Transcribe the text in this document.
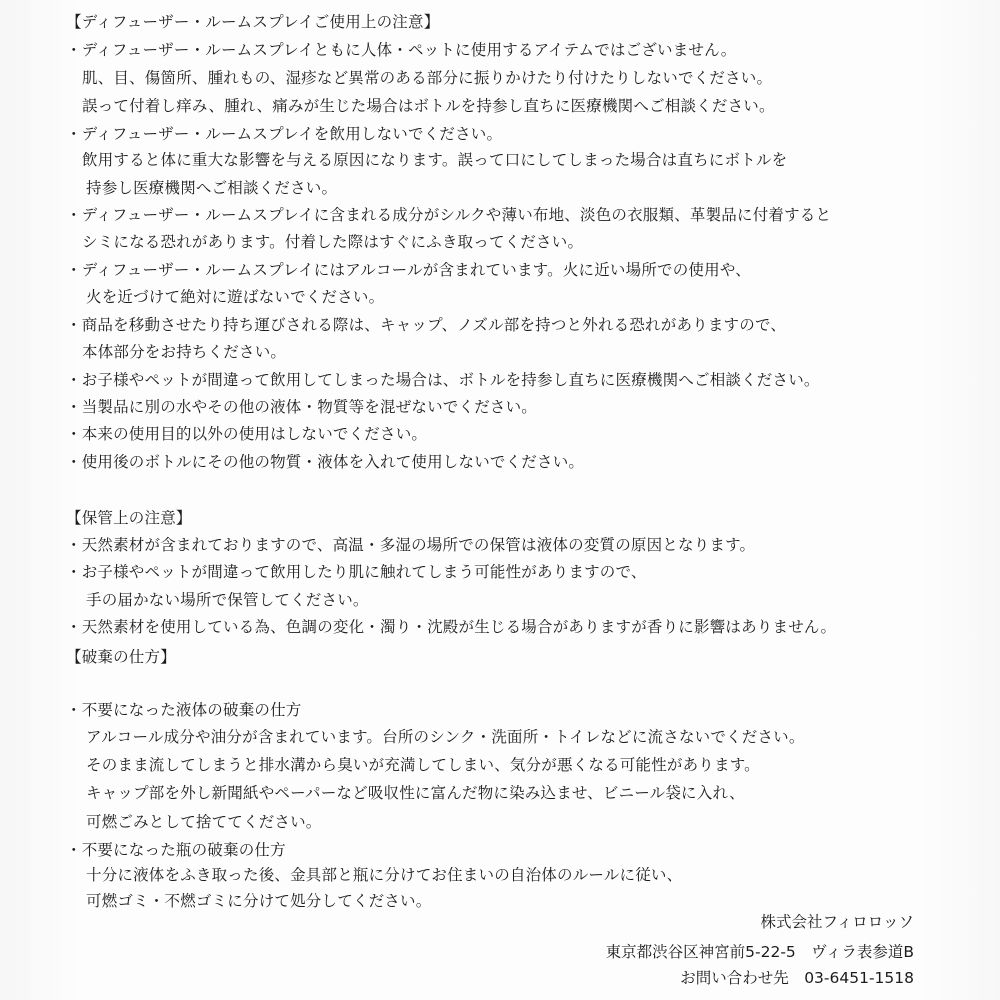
【ディフューザー・ルームスプレイご使用上の注意】
・ディフューザー・ルームスプレイともに人体・ペットに使用するアイテムではございません。
肌、目、傷箇所、腫れもの、湿疹など異常のある部分に振りかけたり付けたりしないでください。
誤って付着し痒み、腫れ、痛みが生じた場合はボトルを持参し直ちに医療機関へご相談ください。
・ディフューザー・ルームスプレイを飲用しないでください。
飲用すると体に重大な影響を与える原因になります。誤って口にしてしまった場合は直ちにボトルを
持参し医療機関へご相談ください。
・ディフューザー・ルームスプレイに含まれる成分がシルクや薄い布地、淡色の衣服類、革製品に付着すると
シミになる恐れがあります。付着した際はすぐにふき取ってください。
・ディフューザー・ルームスプレイにはアルコールが含まれています。火に近い場所での使用や、
火を近づけて絶対に遊ばないでください。
・商品を移動させたり持ち運びされる際は、キャップ、ノズル部を持つと外れる恐れがありますので、
本体部分をお持ちください。
・お子様やペットが間違って飲用してしまった場合は、ボトルを持参し直ちに医療機関へご相談ください。
・当製品に別の水やその他の液体・物質等を混ぜないでください。
・本来の使用目的以外の使用はしないでください。
・使用後のボトルにその他の物質・液体を入れて使用しないでください。
【保管上の注意】
・天然素材が含まれておりますので、高温・多湿の場所での保管は液体の変質の原因となります。
・お子様やペットが間違って飲用したり肌に触れてしまう可能性がありますので、
手の届かない場所で保管してください。
・天然素材を使用している為、色調の変化・濁り・沈殿が生じる場合がありますが香りに影響はありません。
【破棄の仕方】
・不要になった液体の破棄の仕方
アルコール成分や油分が含まれています。台所のシンク・洗面所・トイレなどに流さないでください。
そのまま流してしまうと排水溝から臭いが充満してしまい、気分が悪くなる可能性があります。
キャップ部を外し新聞紙やペーパーなど吸収性に富んだ物に染み込ませ、ビニール袋に入れ、
可燃ごみとして捨ててください。
・不要になった瓶の破棄の仕方
十分に液体をふき取った後、金具部と瓶に分けてお住まいの自治体のルールに従い、
可燃ゴミ・不燃ゴミに分けて処分してください。
株式会社フィロロッソ
東京都渋谷区神宮前5-22-5　ヴィラ表参道B
お問い合わせ先　03-6451-1518
